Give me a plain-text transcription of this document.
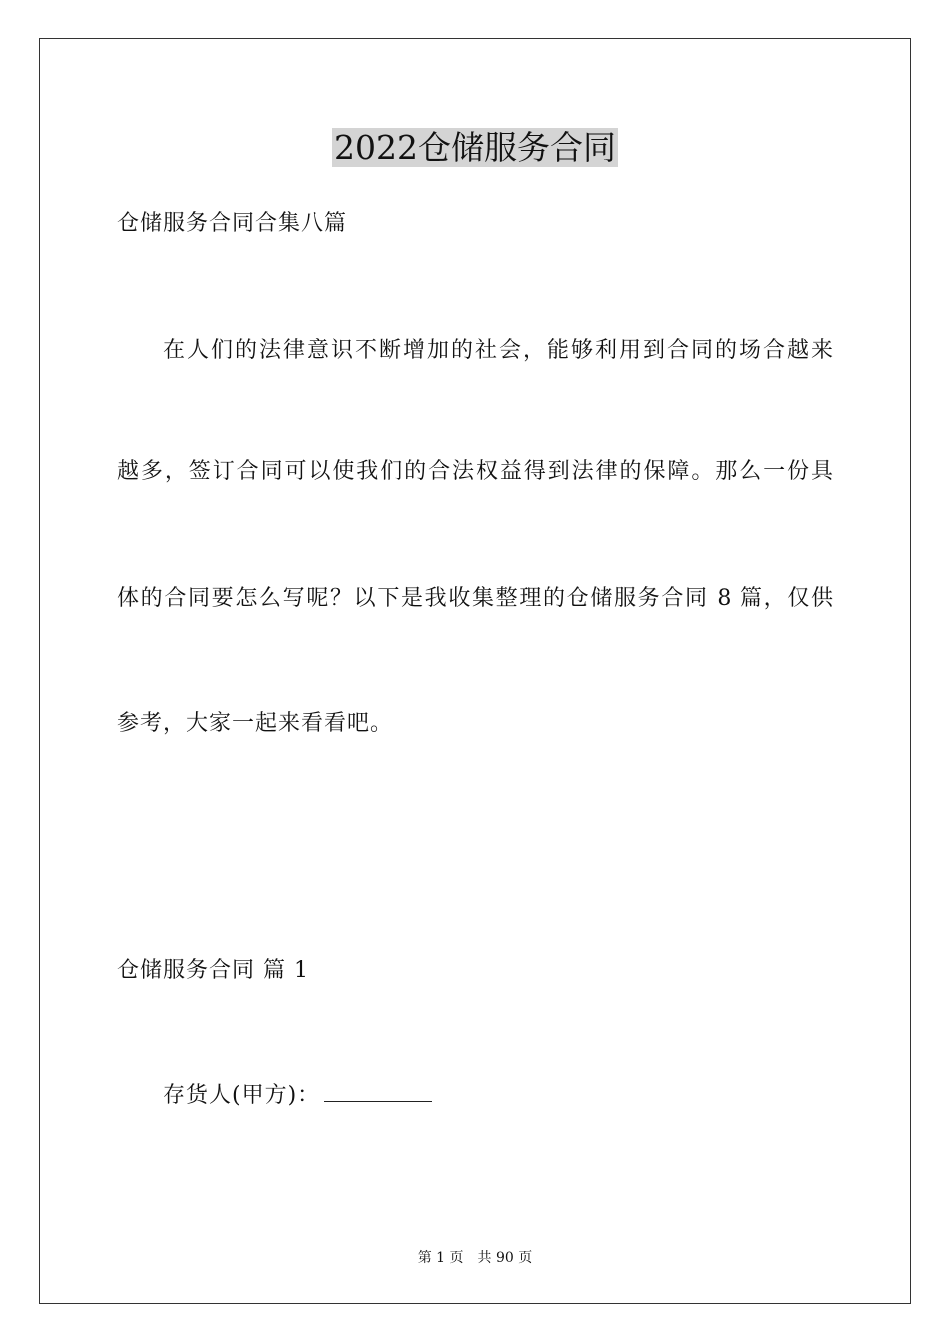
2022仓储服务合同
仓储服务合同合集八篇
在人们的法律意识不断增加的社会，能够利用到合同的场合越来
越多，签订合同可以使我们的合法权益得到法律的保障。那么一份具
体的合同要怎么写呢？以下是我收集整理的仓储服务合同 8 篇，仅供
参考，大家一起来看看吧。
仓储服务合同 篇 1
存货人(甲方)：
第 1 页 共 90 页
